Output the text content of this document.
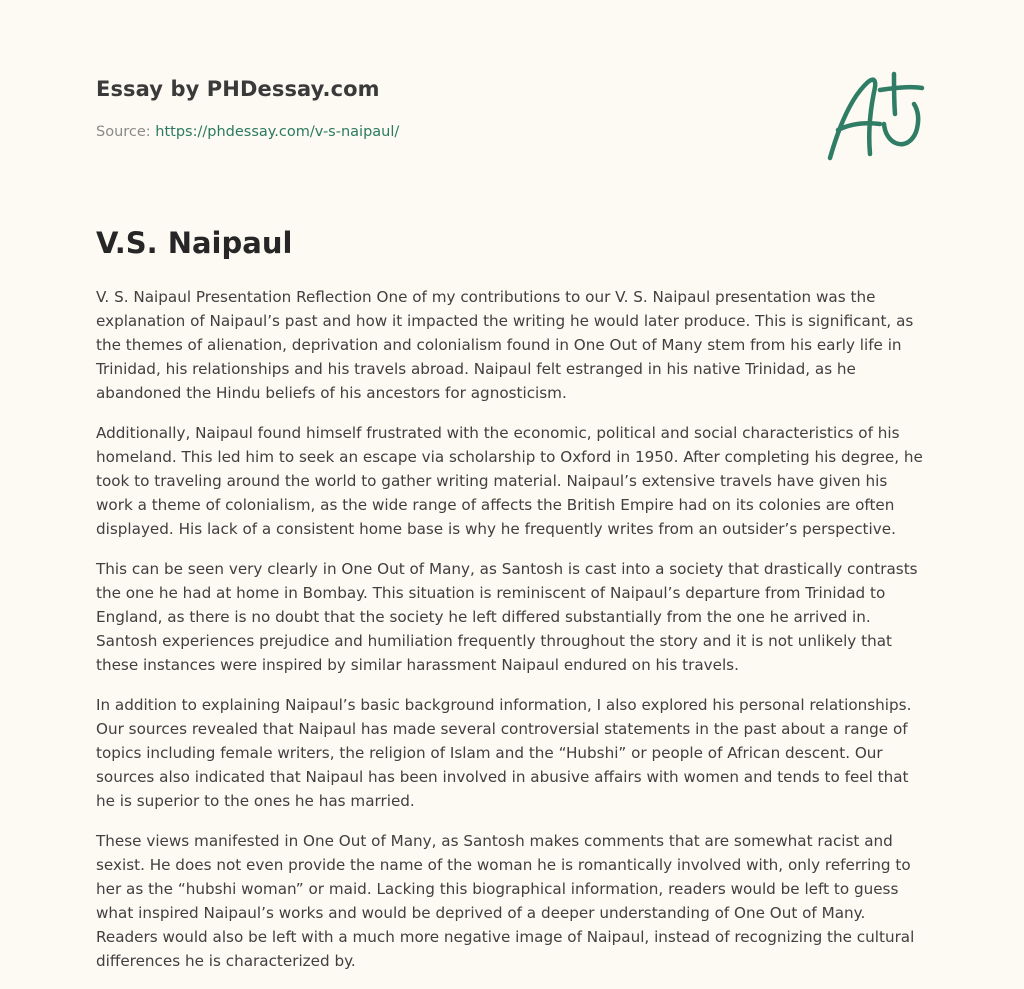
Essay by PHDessay.com
Source: https://phdessay.com/v-s-naipaul/
V.S. Naipaul

V. S. Naipaul Presentation Reflection One of my contributions to our V. S. Naipaul presentation was the explanation of Naipaul’s past and how it impacted the writing he would later produce. This is significant, as the themes of alienation, deprivation and colonialism found in One Out of Many stem from his early life in Trinidad, his relationships and his travels abroad. Naipaul felt estranged in his native Trinidad, as he abandoned the Hindu beliefs of his ancestors for agnosticism.

Additionally, Naipaul found himself frustrated with the economic, political and social characteristics of his homeland. This led him to seek an escape via scholarship to Oxford in 1950. After completing his degree, he took to traveling around the world to gather writing material. Naipaul’s extensive travels have given his work a theme of colonialism, as the wide range of affects the British Empire had on its colonies are often displayed. His lack of a consistent home base is why he frequently writes from an outsider’s perspective.

This can be seen very clearly in One Out of Many, as Santosh is cast into a society that drastically contrasts the one he had at home in Bombay. This situation is reminiscent of Naipaul’s departure from Trinidad to England, as there is no doubt that the society he left differed substantially from the one he arrived in. Santosh experiences prejudice and humiliation frequently throughout the story and it is not unlikely that these instances were inspired by similar harassment Naipaul endured on his travels.

In addition to explaining Naipaul’s basic background information, I also explored his personal relationships. Our sources revealed that Naipaul has made several controversial statements in the past about a range of topics including female writers, the religion of Islam and the “Hubshi” or people of African descent. Our sources also indicated that Naipaul has been involved in abusive affairs with women and tends to feel that he is superior to the ones he has married.

These views manifested in One Out of Many, as Santosh makes comments that are somewhat racist and sexist. He does not even provide the name of the woman he is romantically involved with, only referring to her as the “hubshi woman” or maid. Lacking this biographical information, readers would be left to guess what inspired Naipaul’s works and would be deprived of a deeper understanding of One Out of Many. Readers would also be left with a much more negative image of Naipaul, instead of recognizing the cultural differences he is characterized by.
